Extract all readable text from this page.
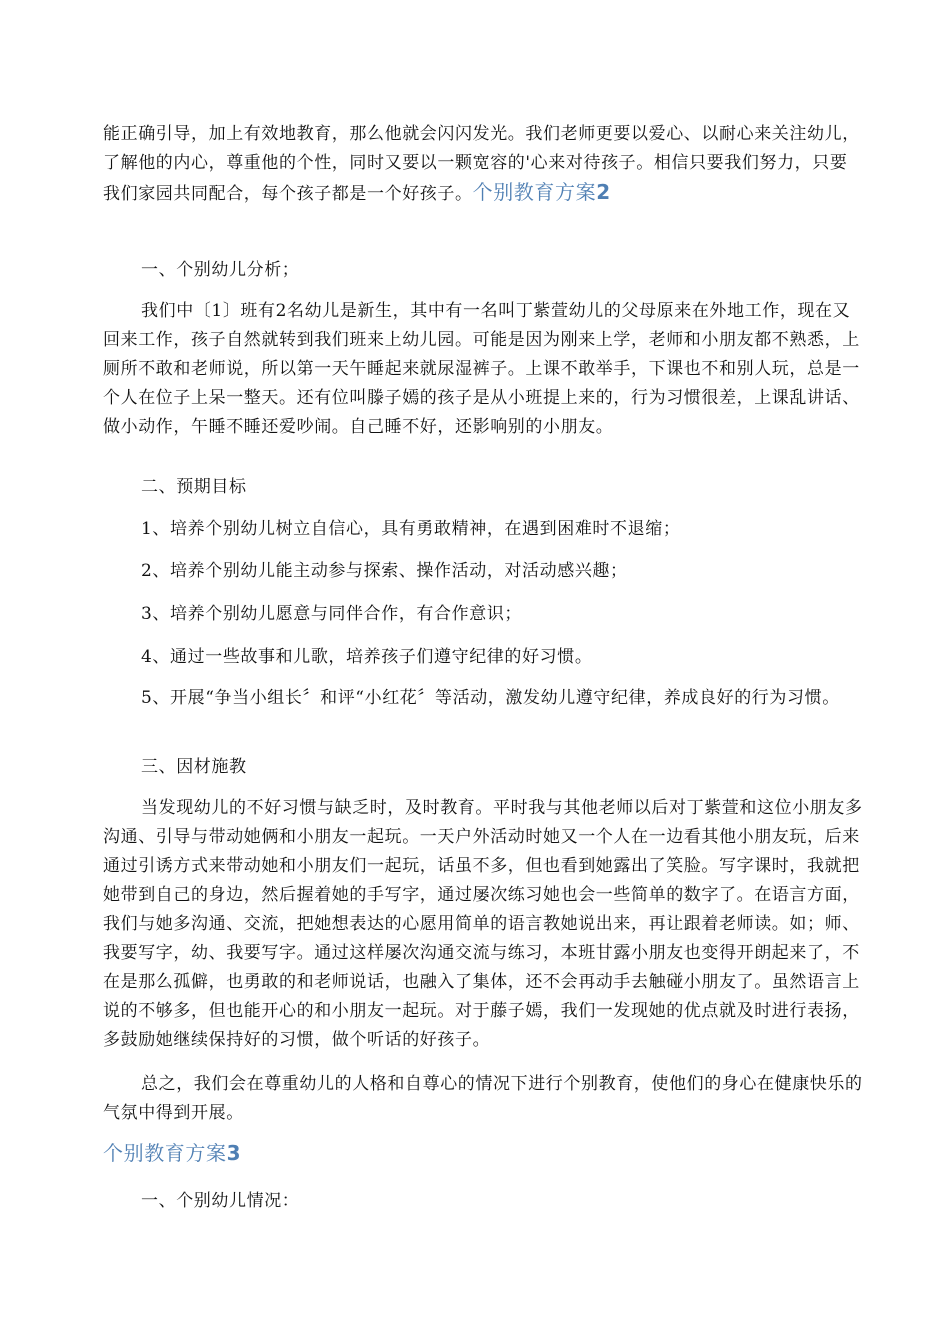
能正确引导，加上有效地教育，那么他就会闪闪发光。我们老师更要以爱心、以耐心来关注幼儿，了解他的内心，尊重他的个性，同时又要以一颗宽容的'心来对待孩子。相信只要我们努力，只要我们家园共同配合，每个孩子都是一个好孩子。个别教育方案2
一、个别幼儿分析；
我们中〔1〕班有2名幼儿是新生，其中有一名叫丁紫萱幼儿的父母原来在外地工作，现在又回来工作，孩子自然就转到我们班来上幼儿园。可能是因为刚来上学，老师和小朋友都不熟悉，上厕所不敢和老师说，所以第一天午睡起来就尿湿裤子。上课不敢举手，下课也不和别人玩，总是一个人在位子上呆一整天。还有位叫滕子嫣的孩子是从小班提上来的，行为习惯很差，上课乱讲话、做小动作，午睡不睡还爱吵闹。自己睡不好，还影响别的小朋友。
二、预期目标
1、培养个别幼儿树立自信心，具有勇敢精神，在遇到困难时不退缩；
2、培养个别幼儿能主动参与探索、操作活动，对活动感兴趣；
3、培养个别幼儿愿意与同伴合作，有合作意识；
4、通过一些故事和儿歌，培养孩子们遵守纪律的好习惯。
5、开展“争当小组长〞和评“小红花〞等活动，激发幼儿遵守纪律，养成良好的行为习惯。
三、因材施教
当发现幼儿的不好习惯与缺乏时，及时教育。平时我与其他老师以后对丁紫萱和这位小朋友多沟通、引导与带动她俩和小朋友一起玩。一天户外活动时她又一个人在一边看其他小朋友玩，后来通过引诱方式来带动她和小朋友们一起玩，话虽不多，但也看到她露出了笑脸。写字课时，我就把她带到自己的身边，然后握着她的手写字，通过屡次练习她也会一些简单的数字了。在语言方面，我们与她多沟通、交流，把她想表达的心愿用简单的语言教她说出来，再让跟着老师读。如；师、我要写字，幼、我要写字。通过这样屡次沟通交流与练习，本班甘露小朋友也变得开朗起来了，不在是那么孤僻，也勇敢的和老师说话，也融入了集体，还不会再动手去触碰小朋友了。虽然语言上说的不够多，但也能开心的和小朋友一起玩。对于藤子嫣，我们一发现她的优点就及时进行表扬，多鼓励她继续保持好的习惯，做个听话的好孩子。
总之，我们会在尊重幼儿的人格和自尊心的情况下进行个别教育，使他们的身心在健康快乐的气氛中得到开展。
个别教育方案3
一、个别幼儿情况：
